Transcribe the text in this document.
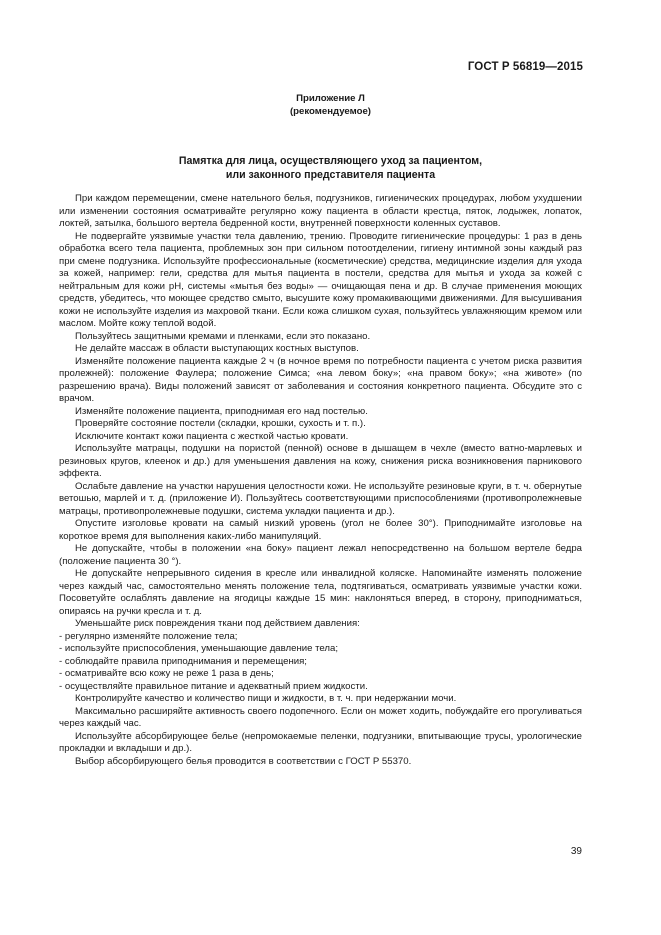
ГОСТ Р 56819—2015
Приложение Л
(рекомендуемое)
Памятка для лица, осуществляющего уход за пациентом,
или законного представителя пациента

При каждом перемещении, смене нательного белья, подгузников, гигиенических процедурах, любом ухудшении или изменении состояния осматривайте регулярно кожу пациента в области крестца, пяток, лодыжек, лопаток, локтей, затылка, большого вертела бедренной кости, внутренней поверхности коленных суставов.

Не подвергайте уязвимые участки тела давлению, трению. Проводите гигиенические процедуры: 1 раз в день обработка всего тела пациента, проблемных зон при сильном потоотделении, гигиену интимной зоны каждый раз при смене подгузника. Используйте профессиональные (косметические) средства, медицинские изделия для ухода за кожей, например: гели, средства для мытья пациента в постели, средства для мытья и ухода за кожей с нейтральным для кожи pH, системы «мытья без воды» — очищающая пена и др. В случае применения моющих средств, убедитесь, что моющее средство смыто, высушите кожу промакивающими движениями. Для высушивания кожи не используйте изделия из махровой ткани. Если кожа слишком сухая, пользуйтесь увлажняющим кремом или маслом. Мойте кожу теплой водой.

Пользуйтесь защитными кремами и пленками, если это показано.

Не делайте массаж в области выступающих костных выступов.

Изменяйте положение пациента каждые 2 ч (в ночное время по потребности пациента с учетом риска развития пролежней): положение Фаулера; положение Симса; «на левом боку»; «на правом боку»; «на животе» (по разрешению врача). Виды положений зависят от заболевания и состояния конкретного пациента. Обсудите это с врачом.

Изменяйте положение пациента, приподнимая его над постелью.

Проверяйте состояние постели (складки, крошки, сухость и т. п.).

Исключите контакт кожи пациента с жесткой частью кровати.

Используйте матрацы, подушки на пористой (пенной) основе в дышащем в чехле (вместо ватно-марлевых и резиновых кругов, клеенок и др.) для уменьшения давления на кожу, снижения риска возникновения парникового эффекта.

Ослабьте давление на участки нарушения целостности кожи. Не используйте резиновые круги, в т. ч. обернутые ветошью, марлей и т. д. (приложение И). Пользуйтесь соответствующими приспособлениями (противопролежневые матрацы, противопролежневые подушки, система укладки пациента и др.).

Опустите изголовье кровати на самый низкий уровень (угол не более 30°). Приподнимайте изголовье на короткое время для выполнения каких-либо манипуляций.

Не допускайте, чтобы в положении «на боку» пациент лежал непосредственно на большом вертеле бедра (положение пациента 30 °).

Не допускайте непрерывного сидения в кресле или инвалидной коляске. Напоминайте изменять положение через каждый час, самостоятельно менять положение тела, подтягиваться, осматривать уязвимые участки кожи. Посоветуйте ослаблять давление на ягодицы каждые 15 мин: наклоняться вперед, в сторону, приподниматься, опираясь на ручки кресла и т. д.

Уменьшайте риск повреждения ткани под действием давления:

- регулярно изменяйте положение тела;

- используйте приспособления, уменьшающие давление тела;

- соблюдайте правила приподнимания и перемещения;

- осматривайте всю кожу не реже 1 раза в день;

- осуществляйте правильное питание и адекватный прием жидкости.

Контролируйте качество и количество пищи и жидкости, в т. ч. при недержании мочи.

Максимально расширяйте активность своего подопечного. Если он может ходить, побуждайте его прогуливаться через каждый час.

Используйте абсорбирующее белье (непромокаемые пеленки, подгузники, впитывающие трусы, урологические прокладки и вкладыши и др.).

Выбор абсорбирующего белья проводится в соответствии с ГОСТ Р 55370.

39
